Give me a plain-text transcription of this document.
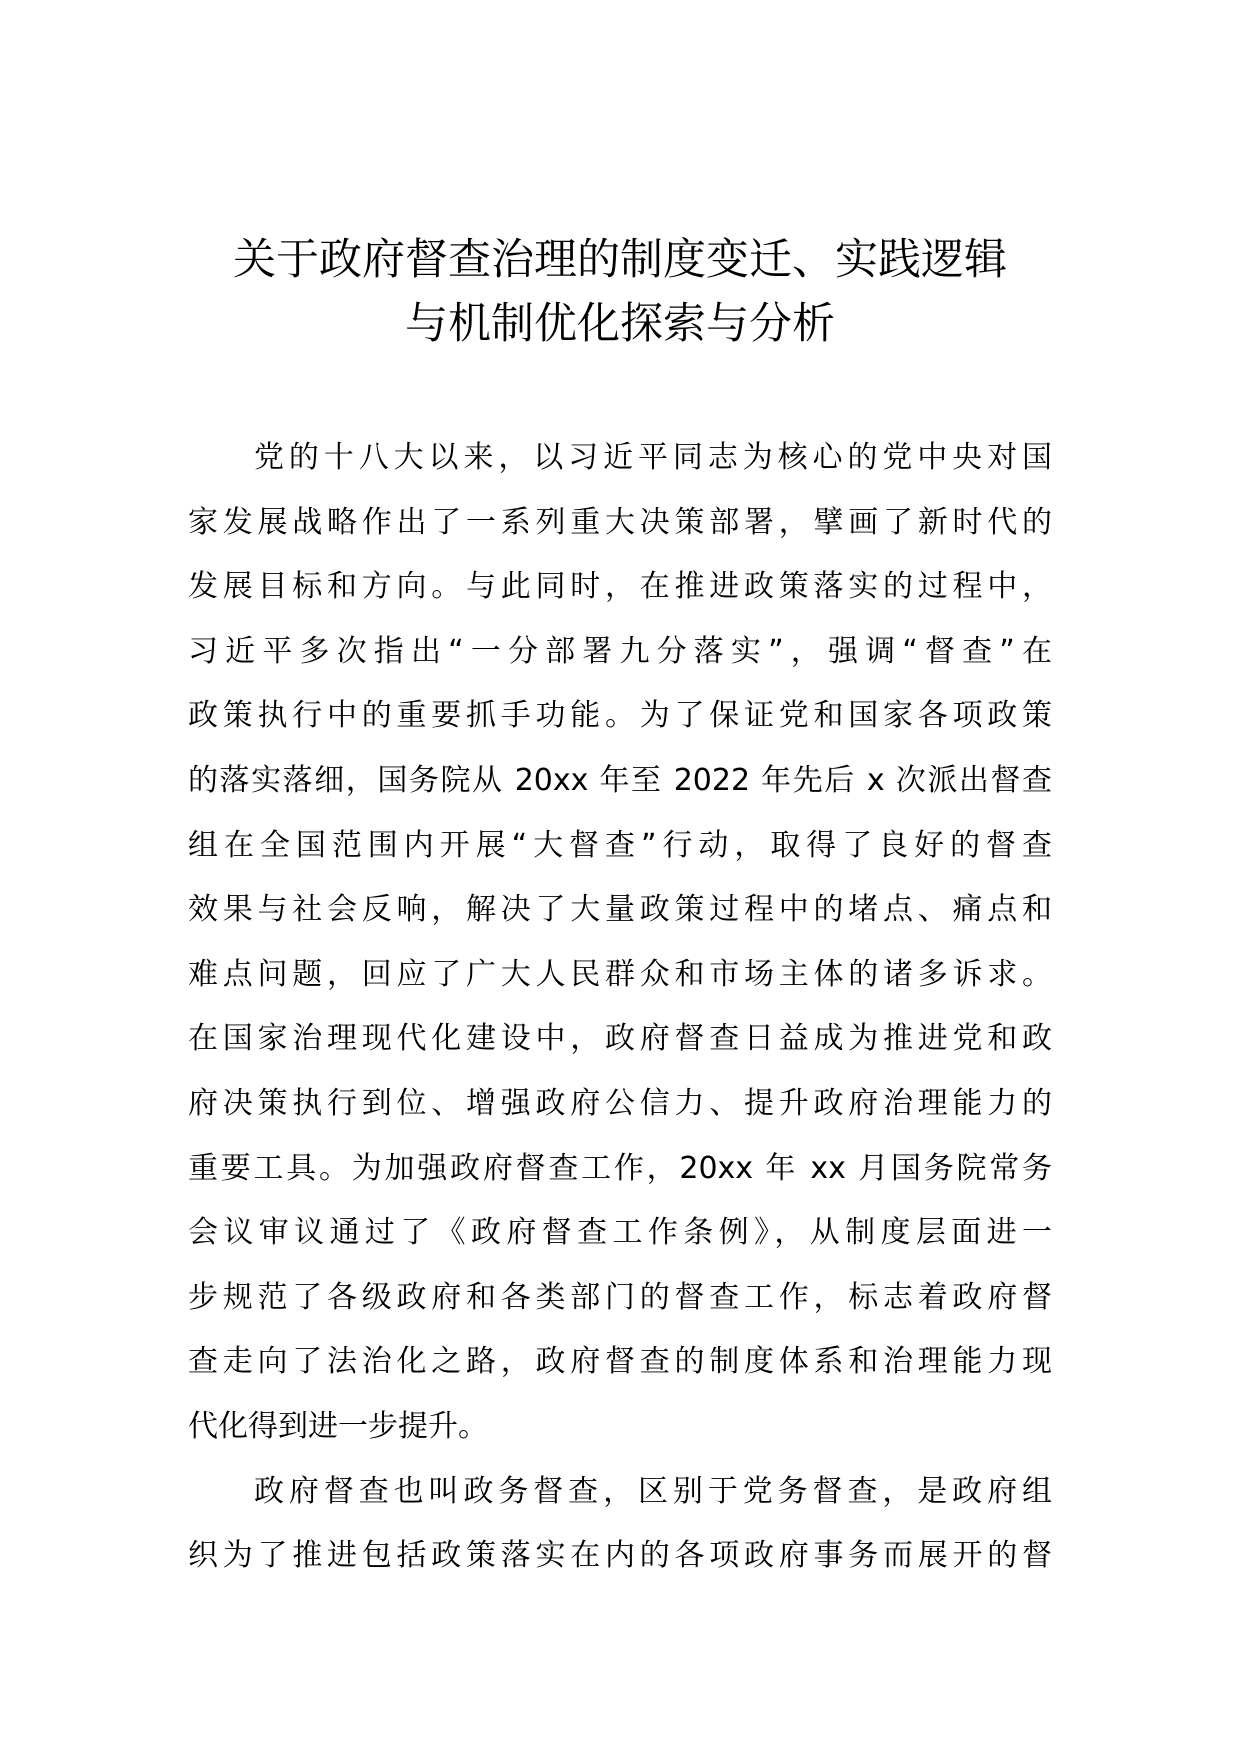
关于政府督查治理的制度变迁、实践逻辑
与机制优化探索与分析

党的十八大以来，以习近平同志为核心的党中央对国
家发展战略作出了一系列重大决策部署，擘画了新时代的
发展目标和方向。与此同时，在推进政策落实的过程中，
习近平多次指出“一分部署九分落实”，强调“督查”在
政策执行中的重要抓手功能。为了保证党和国家各项政策
的落实落细，国务院从 20xx 年至 2022 年先后 x 次派出督查
组在全国范围内开展“大督查”行动，取得了良好的督查
效果与社会反响，解决了大量政策过程中的堵点、痛点和
难点问题，回应了广大人民群众和市场主体的诸多诉求。
在国家治理现代化建设中，政府督查日益成为推进党和政
府决策执行到位、增强政府公信力、提升政府治理能力的
重要工具。为加强政府督查工作，20xx 年 xx 月国务院常务
会议审议通过了《政府督查工作条例》，从制度层面进一
步规范了各级政府和各类部门的督查工作，标志着政府督
查走向了法治化之路，政府督查的制度体系和治理能力现
代化得到进一步提升。

政府督查也叫政务督查，区别于党务督查，是政府组
织为了推进包括政策落实在内的各项政府事务而展开的督
